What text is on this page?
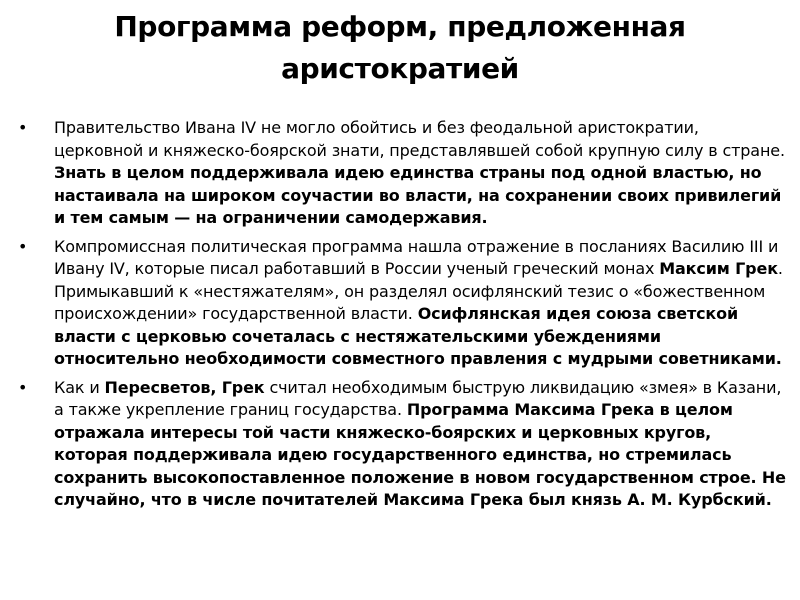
Программа реформ, предложенная аристократией
• Правительство Ивана IV не могло обойтись и без феодальной аристократии, церковной и княжеско-боярской знати, представлявшей собой крупную силу в стране. Знать в целом поддерживала идею единства страны под одной властью, но настаивала на широком соучастии во власти, на сохранении своих привилегий и тем самым — на ограничении самодержавия.
• Компромиссная политическая программа нашла отражение в посланиях Василию III и Ивану IV, которые писал работавший в России ученый греческий монах Максим Грек. Примыкавший к «нестяжателям», он разделял осифлянский тезис о «божественном происхождении» государственной власти. Осифлянская идея союза светской власти с церковью сочеталась с нестяжательскими убеждениями относительно необходимости совместного правления с мудрыми советниками.
• Как и Пересветов, Грек считал необходимым быструю ликвидацию «змея» в Казани, а также укрепление границ государства. Программа Максима Грека в целом отражала интересы той части княжеско-боярских и церковных кругов, которая поддерживала идею государственного единства, но стремилась сохранить высокопоставленное положение в новом государственном строе. Не случайно, что в числе почитателей Максима Грека был князь А. М. Курбский.
